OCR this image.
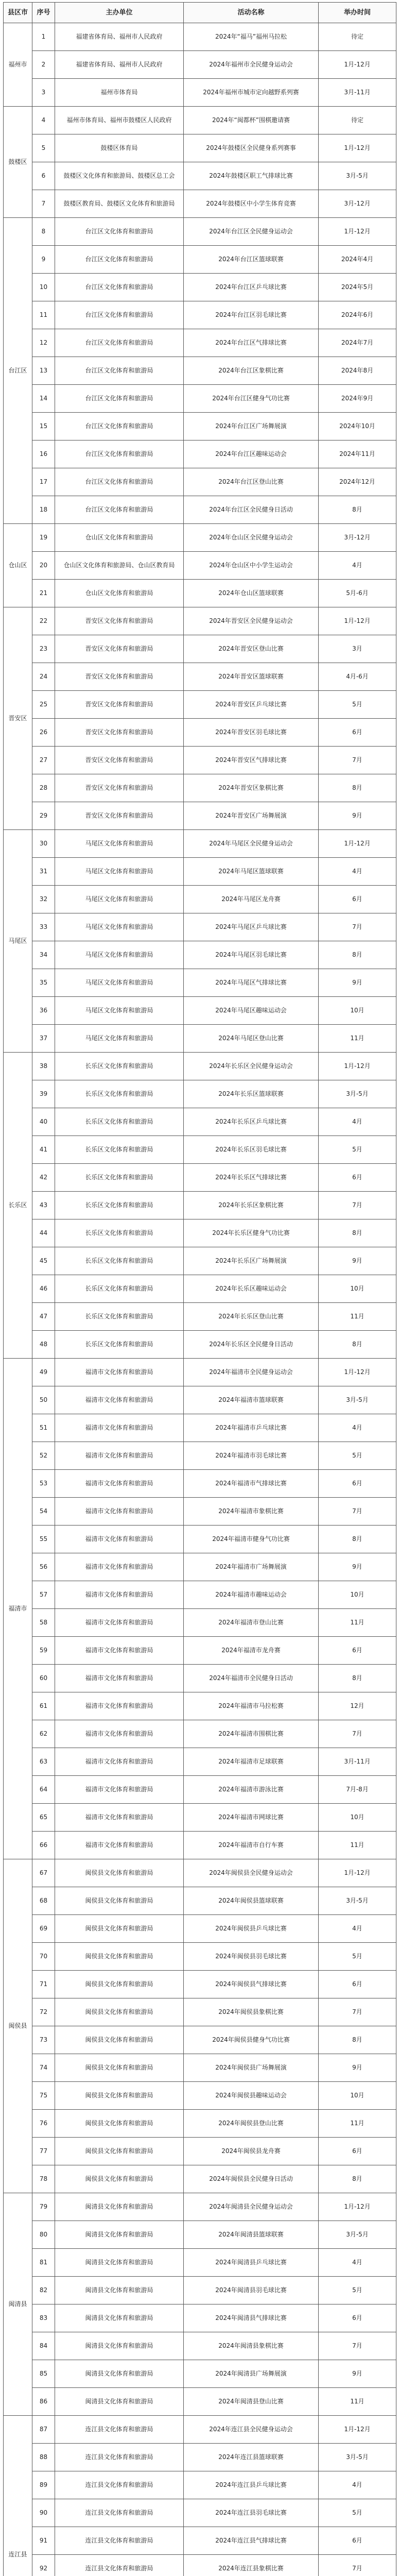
县区市	序号	主办单位	活动名称	举办时间
福州市	1	福建省体育局、福州市人民政府	2024年“福马”福州马拉松	待定
	2	福建省体育局、福州市人民政府	2024年福州市全民健身运动会	1月-12月
	3	福州市体育局	2024年福州市城市定向越野系列赛	3月-11月
鼓楼区	4	福州市体育局、福州市鼓楼区人民政府	2024年“闽都杯”围棋邀请赛	待定
	5	鼓楼区体育局	2024年鼓楼区全民健身系列赛事	1月-12月
	6	鼓楼区文化体育和旅游局、鼓楼区总工会	2024年鼓楼区职工气排球比赛	3月-5月
	7	鼓楼区教育局、鼓楼区文化体育和旅游局	2024年鼓楼区中小学生体育竞赛	3月-12月
台江区	8	台江区文化体育和旅游局	2024年台江区全民健身运动会	1月-12月
	9	台江区文化体育和旅游局	2024年台江区篮球联赛	2024年4月
	10	台江区文化体育和旅游局	2024年台江区乒乓球比赛	2024年5月
	11	台江区文化体育和旅游局	2024年台江区羽毛球比赛	2024年6月
	12	台江区文化体育和旅游局	2024年台江区气排球比赛	2024年7月
	13	台江区文化体育和旅游局	2024年台江区象棋比赛	2024年8月
	14	台江区文化体育和旅游局	2024年台江区健身气功比赛	2024年9月
	15	台江区文化体育和旅游局	2024年台江区广场舞展演	2024年10月
	16	台江区文化体育和旅游局	2024年台江区趣味运动会	2024年11月
	17	台江区文化体育和旅游局	2024年台江区登山比赛	2024年12月
	18	台江区文化体育和旅游局	2024年台江区全民健身日活动	8月
仓山区	19	仓山区文化体育和旅游局	2024年仓山区全民健身运动会	3月-12月
	20	仓山区文化体育和旅游局、仓山区教育局	2024年仓山区中小学生运动会	4月
	21	仓山区文化体育和旅游局	2024年仓山区篮球联赛	5月-6月
晋安区	22	晋安区文化体育和旅游局	2024年晋安区全民健身运动会	1月-12月
	23	晋安区文化体育和旅游局	2024年晋安区登山比赛	3月
	24	晋安区文化体育和旅游局	2024年晋安区篮球联赛	4月-6月
	25	晋安区文化体育和旅游局	2024年晋安区乒乓球比赛	5月
	26	晋安区文化体育和旅游局	2024年晋安区羽毛球比赛	6月
	27	晋安区文化体育和旅游局	2024年晋安区气排球比赛	7月
	28	晋安区文化体育和旅游局	2024年晋安区象棋比赛	8月
	29	晋安区文化体育和旅游局	2024年晋安区广场舞展演	9月
马尾区	30	马尾区文化体育和旅游局	2024年马尾区全民健身运动会	1月-12月
	31	马尾区文化体育和旅游局	2024年马尾区篮球联赛	4月
	32	马尾区文化体育和旅游局	2024年马尾区龙舟赛	6月
	33	马尾区文化体育和旅游局	2024年马尾区乒乓球比赛	7月
	34	马尾区文化体育和旅游局	2024年马尾区羽毛球比赛	8月
	35	马尾区文化体育和旅游局	2024年马尾区气排球比赛	9月
	36	马尾区文化体育和旅游局	2024年马尾区趣味运动会	10月
	37	马尾区文化体育和旅游局	2024年马尾区登山比赛	11月
长乐区	38	长乐区文化体育和旅游局	2024年长乐区全民健身运动会	1月-12月
	39	长乐区文化体育和旅游局	2024年长乐区篮球联赛	3月-5月
	40	长乐区文化体育和旅游局	2024年长乐区乒乓球比赛	4月
	41	长乐区文化体育和旅游局	2024年长乐区羽毛球比赛	5月
	42	长乐区文化体育和旅游局	2024年长乐区气排球比赛	6月
	43	长乐区文化体育和旅游局	2024年长乐区象棋比赛	7月
	44	长乐区文化体育和旅游局	2024年长乐区健身气功比赛	8月
	45	长乐区文化体育和旅游局	2024年长乐区广场舞展演	9月
	46	长乐区文化体育和旅游局	2024年长乐区趣味运动会	10月
	47	长乐区文化体育和旅游局	2024年长乐区登山比赛	11月
	48	长乐区文化体育和旅游局	2024年长乐区全民健身日活动	8月
福清市	49	福清市文化体育和旅游局	2024年福清市全民健身运动会	1月-12月
	50	福清市文化体育和旅游局	2024年福清市篮球联赛	3月-5月
	51	福清市文化体育和旅游局	2024年福清市乒乓球比赛	4月
	52	福清市文化体育和旅游局	2024年福清市羽毛球比赛	5月
	53	福清市文化体育和旅游局	2024年福清市气排球比赛	6月
	54	福清市文化体育和旅游局	2024年福清市象棋比赛	7月
	55	福清市文化体育和旅游局	2024年福清市健身气功比赛	8月
	56	福清市文化体育和旅游局	2024年福清市广场舞展演	9月
	57	福清市文化体育和旅游局	2024年福清市趣味运动会	10月
	58	福清市文化体育和旅游局	2024年福清市登山比赛	11月
	59	福清市文化体育和旅游局	2024年福清市龙舟赛	6月
	60	福清市文化体育和旅游局	2024年福清市全民健身日活动	8月
	61	福清市文化体育和旅游局	2024年福清市马拉松赛	12月
	62	福清市文化体育和旅游局	2024年福清市围棋比赛	7月
	63	福清市文化体育和旅游局	2024年福清市足球联赛	3月-11月
	64	福清市文化体育和旅游局	2024年福清市游泳比赛	7月-8月
	65	福清市文化体育和旅游局	2024年福清市网球比赛	10月
	66	福清市文化体育和旅游局	2024年福清市自行车赛	11月
闽侯县	67	闽侯县文化体育和旅游局	2024年闽侯县全民健身运动会	1月-12月
	68	闽侯县文化体育和旅游局	2024年闽侯县篮球联赛	3月-5月
	69	闽侯县文化体育和旅游局	2024年闽侯县乒乓球比赛	4月
	70	闽侯县文化体育和旅游局	2024年闽侯县羽毛球比赛	5月
	71	闽侯县文化体育和旅游局	2024年闽侯县气排球比赛	6月
	72	闽侯县文化体育和旅游局	2024年闽侯县象棋比赛	7月
	73	闽侯县文化体育和旅游局	2024年闽侯县健身气功比赛	8月
	74	闽侯县文化体育和旅游局	2024年闽侯县广场舞展演	9月
	75	闽侯县文化体育和旅游局	2024年闽侯县趣味运动会	10月
	76	闽侯县文化体育和旅游局	2024年闽侯县登山比赛	11月
	77	闽侯县文化体育和旅游局	2024年闽侯县龙舟赛	6月
	78	闽侯县文化体育和旅游局	2024年闽侯县全民健身日活动	8月
闽清县	79	闽清县文化体育和旅游局	2024年闽清县全民健身运动会	1月-12月
	80	闽清县文化体育和旅游局	2024年闽清县篮球联赛	3月-5月
	81	闽清县文化体育和旅游局	2024年闽清县乒乓球比赛	4月
	82	闽清县文化体育和旅游局	2024年闽清县羽毛球比赛	5月
	83	闽清县文化体育和旅游局	2024年闽清县气排球比赛	6月
	84	闽清县文化体育和旅游局	2024年闽清县象棋比赛	7月
	85	闽清县文化体育和旅游局	2024年闽清县广场舞展演	9月
	86	闽清县文化体育和旅游局	2024年闽清县登山比赛	11月
连江县	87	连江县文化体育和旅游局	2024年连江县全民健身运动会	1月-12月
	88	连江县文化体育和旅游局	2024年连江县篮球联赛	3月-5月
	89	连江县文化体育和旅游局	2024年连江县乒乓球比赛	4月
	90	连江县文化体育和旅游局	2024年连江县羽毛球比赛	5月
	91	连江县文化体育和旅游局	2024年连江县气排球比赛	6月
	92	连江县文化体育和旅游局	2024年连江县象棋比赛	7月
